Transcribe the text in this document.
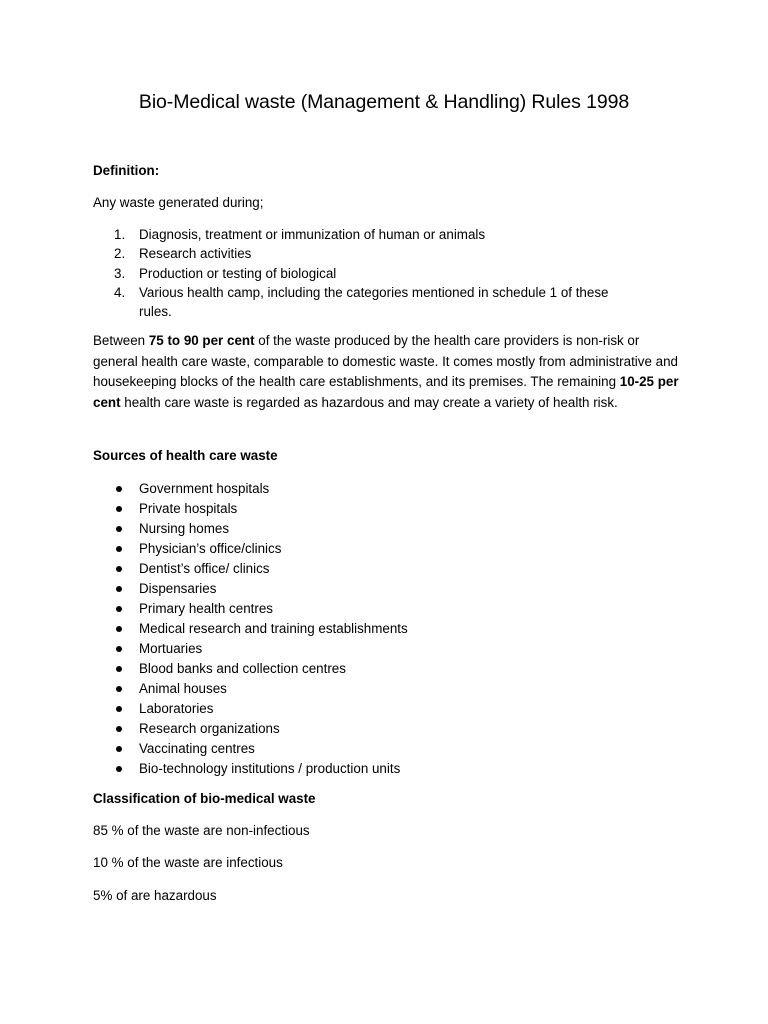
Bio-Medical waste (Management & Handling) Rules 1998
Definition:
Any waste generated during;
1. Diagnosis, treatment or immunization of human or animals
2. Research activities
3. Production or testing of biological
4. Various health camp, including the categories mentioned in schedule 1 of these
rules.
Between 75 to 90 per cent of the waste produced by the health care providers is non-risk or general health care waste, comparable to domestic waste. It comes mostly from administrative and housekeeping blocks of the health care establishments, and its premises. The remaining 10-25 per cent health care waste is regarded as hazardous and may create a variety of health risk.
Sources of health care waste
Government hospitals
Private hospitals
Nursing homes
Physician’s office/clinics
Dentist’s office/ clinics
Dispensaries
Primary health centres
Medical research and training establishments
Mortuaries
Blood banks and collection centres
Animal houses
Laboratories
Research organizations
Vaccinating centres
Bio-technology institutions / production units
Classification of bio-medical waste
85 % of the waste are non-infectious
10 % of the waste are infectious
5% of are hazardous
